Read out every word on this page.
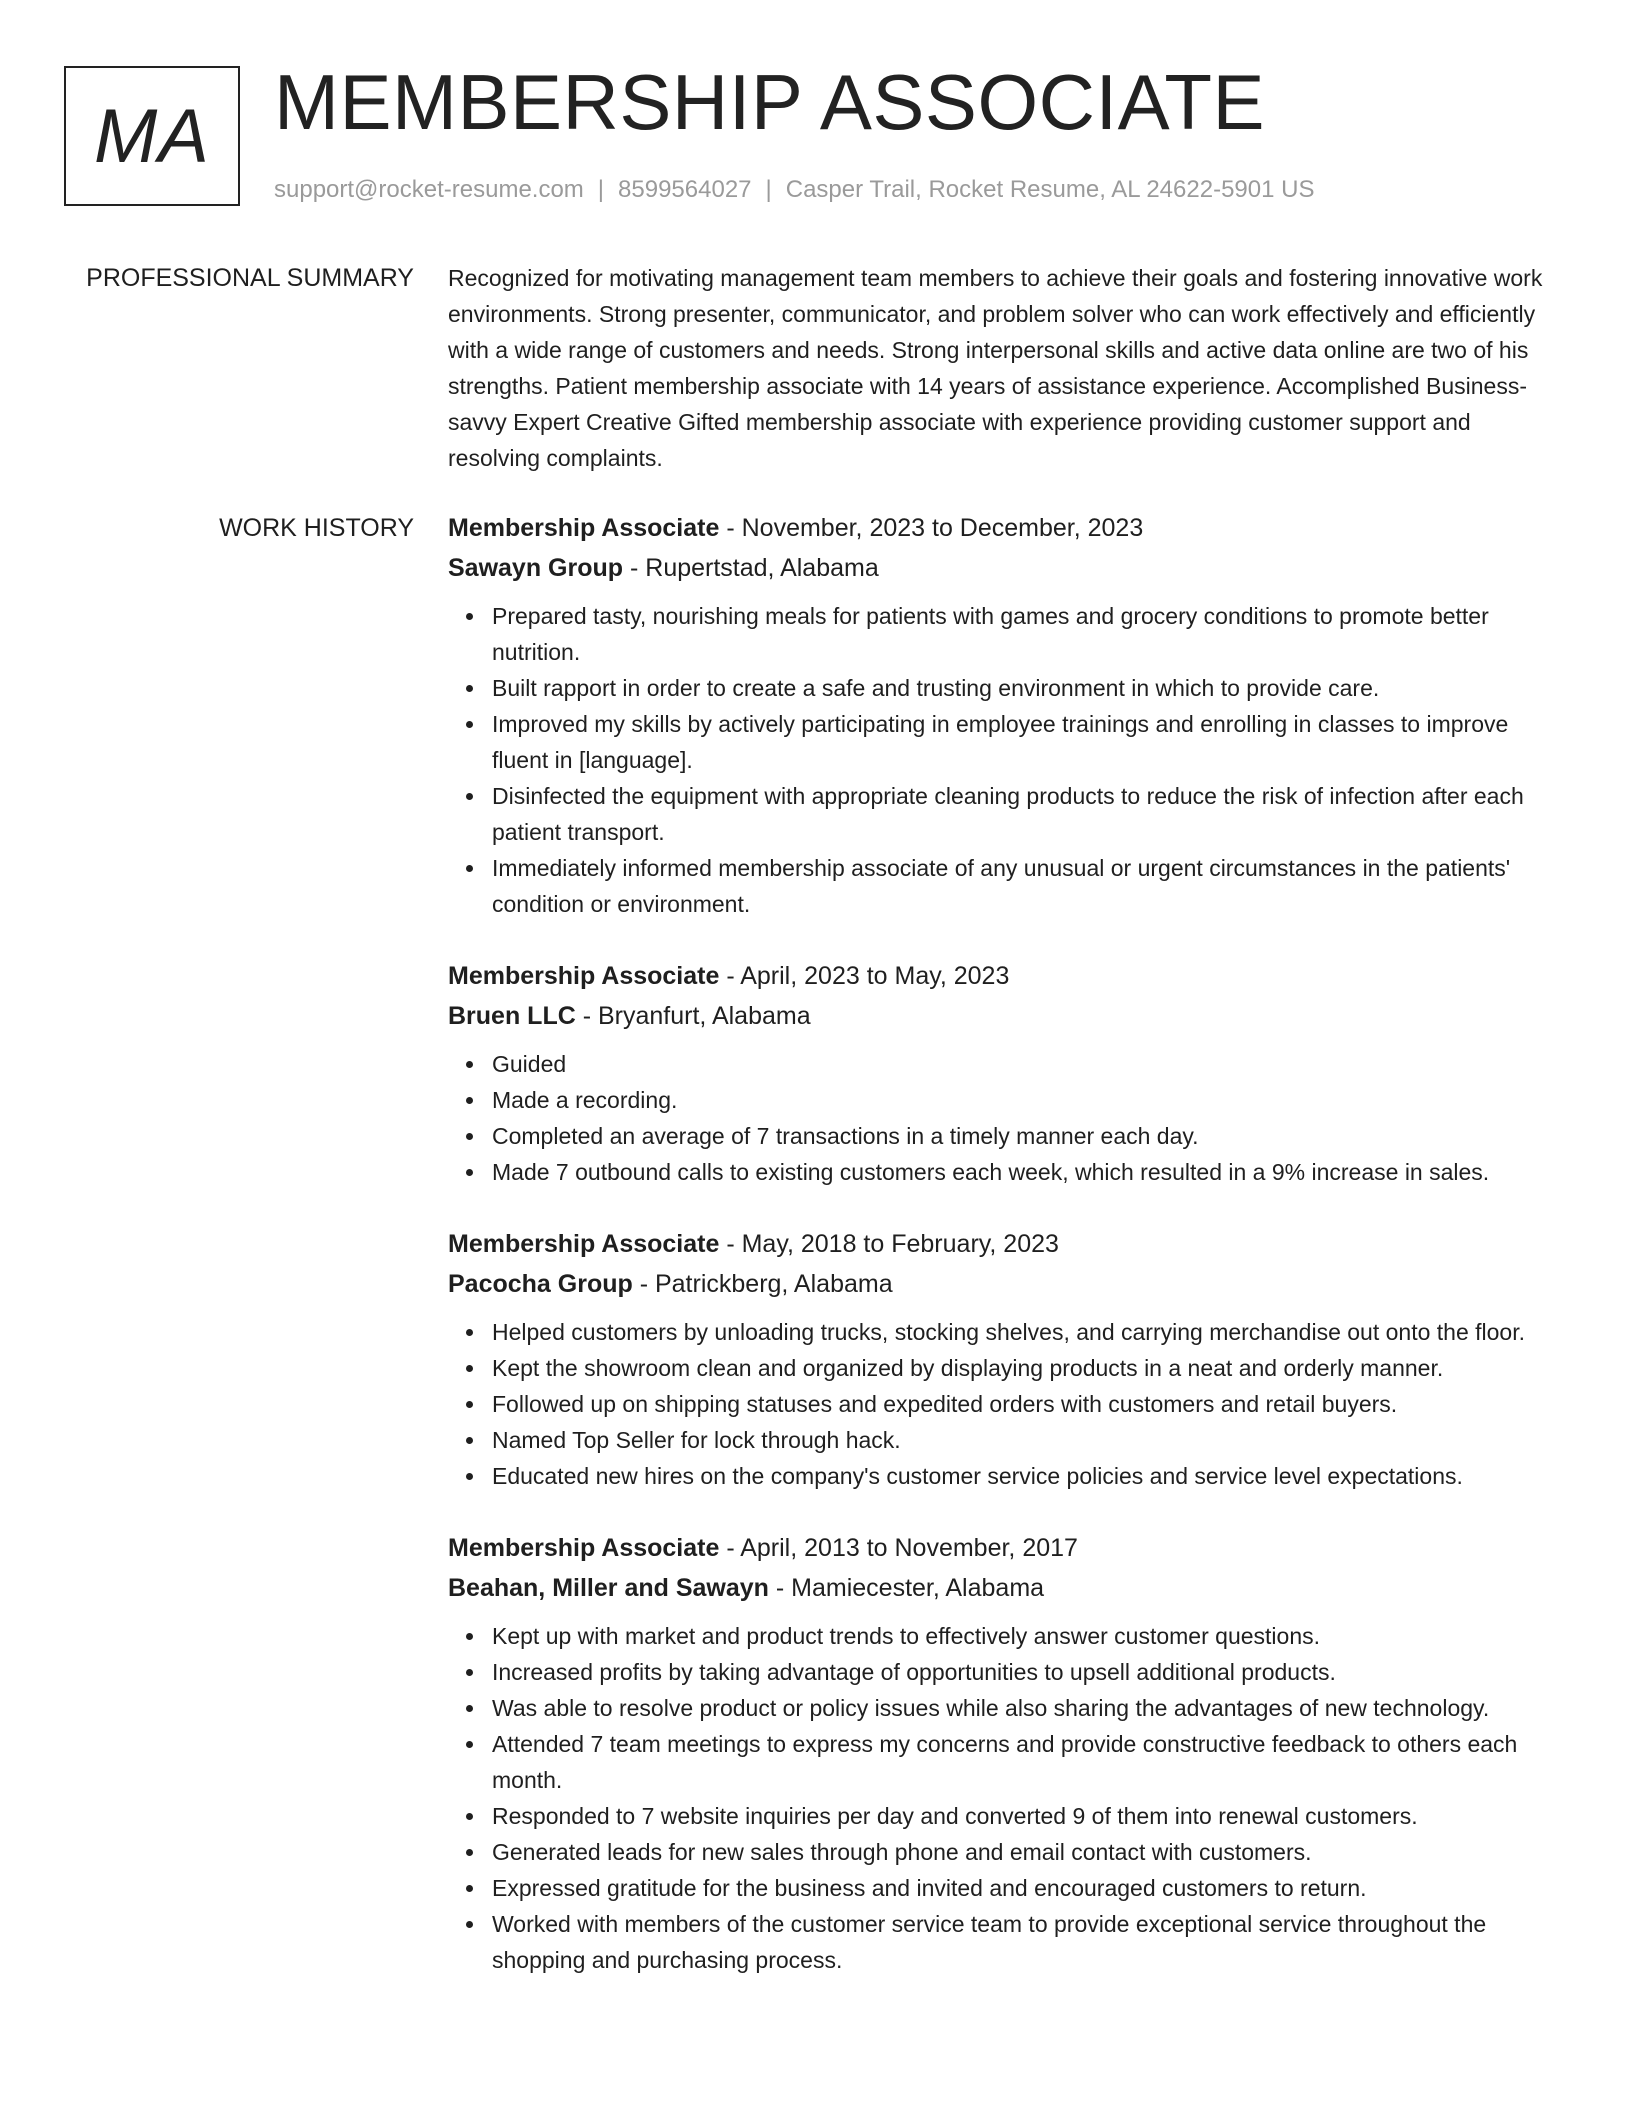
MA MEMBERSHIP ASSOCIATE
support@rocket-resume.com | 8599564027 | Casper Trail, Rocket Resume, AL 24622-5901 US
PROFESSIONAL SUMMARY Recognized for motivating management team members to achieve their goals and fostering innovative work environments. Strong presenter, communicator, and problem solver who can work effectively and efficiently with a wide range of customers and needs. Strong interpersonal skills and active data online are two of his strengths. Patient membership associate with 14 years of assistance experience. Accomplished Business-savvy Expert Creative Gifted membership associate with experience providing customer support and resolving complaints.

WORK HISTORY Membership Associate - November, 2023 to December, 2023
Sawayn Group - Rupertstad, Alabama
Prepared tasty, nourishing meals for patients with games and grocery conditions to promote better nutrition.
Built rapport in order to create a safe and trusting environment in which to provide care.
Improved my skills by actively participating in employee trainings and enrolling in classes to improve fluent in [language].
Disinfected the equipment with appropriate cleaning products to reduce the risk of infection after each patient transport.
Immediately informed membership associate of any unusual or urgent circumstances in the patients' condition or environment.
Membership Associate - April, 2023 to May, 2023
Bruen LLC - Bryanfurt, Alabama
Guided
Made a recording.
Completed an average of 7 transactions in a timely manner each day.
Made 7 outbound calls to existing customers each week, which resulted in a 9% increase in sales.
Membership Associate - May, 2018 to February, 2023
Pacocha Group - Patrickberg, Alabama
Helped customers by unloading trucks, stocking shelves, and carrying merchandise out onto the floor.
Kept the showroom clean and organized by displaying products in a neat and orderly manner.
Followed up on shipping statuses and expedited orders with customers and retail buyers.
Named Top Seller for lock through hack.
Educated new hires on the company's customer service policies and service level expectations.
Membership Associate - April, 2013 to November, 2017
Beahan, Miller and Sawayn - Mamiecester, Alabama
Kept up with market and product trends to effectively answer customer questions.
Increased profits by taking advantage of opportunities to upsell additional products.
Was able to resolve product or policy issues while also sharing the advantages of new technology.
Attended 7 team meetings to express my concerns and provide constructive feedback to others each month.
Responded to 7 website inquiries per day and converted 9 of them into renewal customers.
Generated leads for new sales through phone and email contact with customers.
Expressed gratitude for the business and invited and encouraged customers to return.
Worked with members of the customer service team to provide exceptional service throughout the shopping and purchasing process.
